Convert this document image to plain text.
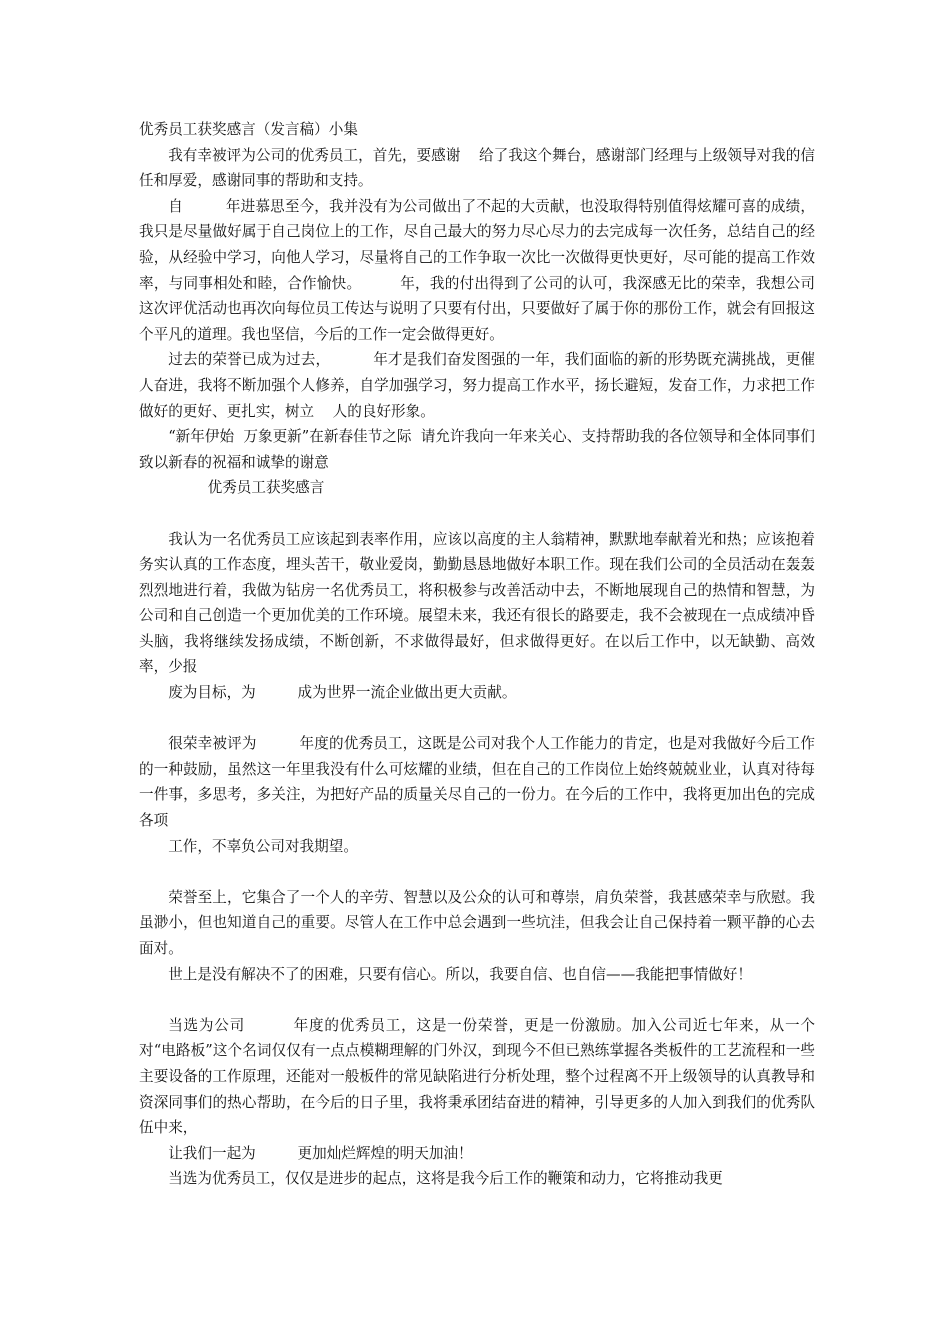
优秀员工获奖感言（发言稿）小集

我有幸被评为公司的优秀员工，首先，要感谢    给了我这个舞台，感谢部门经理与上级领导对我的信任和厚爱，感谢同事的帮助和支持。

自         年进慕思至今，我并没有为公司做出了不起的大贡献，也没取得特别值得炫耀可喜的成绩，我只是尽量做好属于自己岗位上的工作，尽自己最大的努力尽心尽力的去完成每一次任务，总结自己的经验，从经验中学习，向他人学习，尽量将自己的工作争取一次比一次做得更快更好，尽可能的提高工作效率，与同事相处和睦，合作愉快。        年，我的付出得到了公司的认可，我深感无比的荣幸，我想公司这次评优活动也再次向每位员工传达与说明了只要有付出，只要做好了属于你的那份工作，就会有回报这个平凡的道理。我也坚信，今后的工作一定会做得更好。

过去的荣誉已成为过去，         年才是我们奋发图强的一年，我们面临的新的形势既充满挑战，更催人奋进，我将不断加强个人修养，自学加强学习，努力提高工作水平，扬长避短，发奋工作，力求把工作做好的更好、更扎实，树立    人的良好形象。

“新年伊始  万象更新”在新春佳节之际  请允许我向一年来关心、支持帮助我的各位领导和全体同事们致以新春的祝福和诚挚的谢意

优秀员工获奖感言

我认为一名优秀员工应该起到表率作用，应该以高度的主人翁精神，默默地奉献着光和热；应该抱着务实认真的工作态度，埋头苦干，敬业爱岗，勤勤恳恳地做好本职工作。现在我们公司的全员活动在轰轰烈烈地进行着，我做为钻房一名优秀员工，将积极参与改善活动中去，不断地展现自己的热情和智慧，为公司和自己创造一个更加优美的工作环境。展望未来，我还有很长的路要走，我不会被现在一点成绩冲昏头脑，我将继续发扬成绩，不断创新，不求做得最好，但求做得更好。在以后工作中，以无缺勤、高效率，少报

废为目标，为         成为世界一流企业做出更大贡献。

很荣幸被评为         年度的优秀员工，这既是公司对我个人工作能力的肯定，也是对我做好今后工作的一种鼓励，虽然这一年里我没有什么可炫耀的业绩，但在自己的工作岗位上始终兢兢业业，认真对待每一件事，多思考，多关注，为把好产品的质量关尽自己的一份力。在今后的工作中，我将更加出色的完成各项

工作，不辜负公司对我期望。

荣誉至上，它集合了一个人的辛劳、智慧以及公众的认可和尊崇，肩负荣誉，我甚感荣幸与欣慰。我虽渺小，但也知道自己的重要。尽管人在工作中总会遇到一些坑洼，但我会让自己保持着一颗平静的心去面对。

世上是没有解决不了的困难，只要有信心。所以，我要自信、也自信——我能把事情做好！

当选为公司         年度的优秀员工，这是一份荣誉，更是一份激励。加入公司近七年来，从一个对“电路板”这个名词仅仅有一点点模糊理解的门外汉，到现今不但已熟练掌握各类板件的工艺流程和一些主要设备的工作原理，还能对一般板件的常见缺陷进行分析处理，整个过程离不开上级领导的认真教导和资深同事们的热心帮助，在今后的日子里，我将秉承团结奋进的精神，引导更多的人加入到我们的优秀队伍中来，

让我们一起为         更加灿烂辉煌的明天加油！

当选为优秀员工，仅仅是进步的起点，这将是我今后工作的鞭策和动力，它将推动我更
